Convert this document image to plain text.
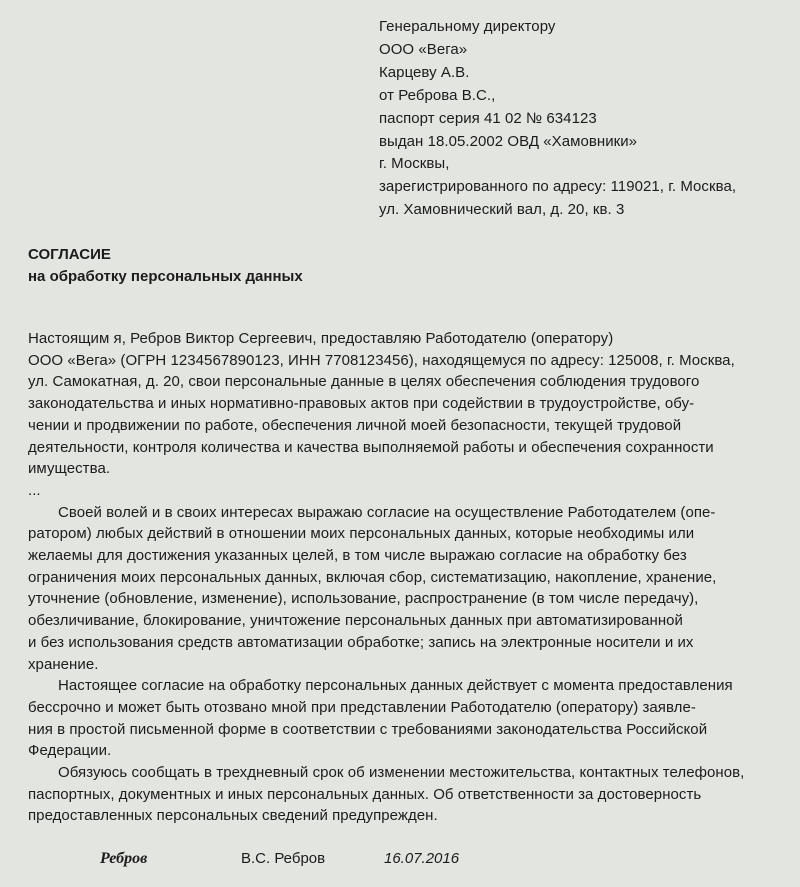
Генеральному директору
ООО «Вега»
Карцеву А.В.
от Реброва В.С.,
паспорт серия 41 02 № 634123
выдан 18.05.2002 ОВД «Хамовники»
г. Москвы,
зарегистрированного по адресу: 119021, г. Москва,
ул. Хамовнический вал, д. 20, кв. 3
СОГЛАСИЕ
на обработку персональных данных
Настоящим я, Ребров Виктор Сергеевич, предоставляю Работодателю (оператору)
ООО «Вега» (ОГРН 1234567890123, ИНН 7708123456), находящемуся по адресу: 125008, г. Москва,
ул. Самокатная, д. 20, свои персональные данные в целях обеспечения соблюдения трудового
законодательства и иных нормативно-правовых актов при содействии в трудоустройстве, обу-
чении и продвижении по работе, обеспечения личной моей безопасности, текущей трудовой
деятельности, контроля количества и качества выполняемой работы и обеспечения сохранности
имущества.
...
Своей волей и в своих интересах выражаю согласие на осуществление Работодателем (опе-
ратором) любых действий в отношении моих персональных данных, которые необходимы или
желаемы для достижения указанных целей, в том числе выражаю согласие на обработку без
ограничения моих персональных данных, включая сбор, систематизацию, накопление, хранение,
уточнение (обновление, изменение), использование, распространение (в том числе передачу),
обезличивание, блокирование, уничтожение персональных данных при автоматизированной
и без использования средств автоматизации обработке; запись на электронные носители и их
хранение.
Настоящее согласие на обработку персональных данных действует с момента предоставления
бессрочно и может быть отозвано мной при представлении Работодателю (оператору) заявле-
ния в простой письменной форме в соответствии с требованиями законодательства Российской
Федерации.
Обязуюсь сообщать в трехдневный срок об изменении местожительства, контактных телефонов,
паспортных, документных и иных персональных данных. Об ответственности за достоверность
предоставленных персональных сведений предупрежден.
Ребров	В.С. Ребров	16.07.2016
